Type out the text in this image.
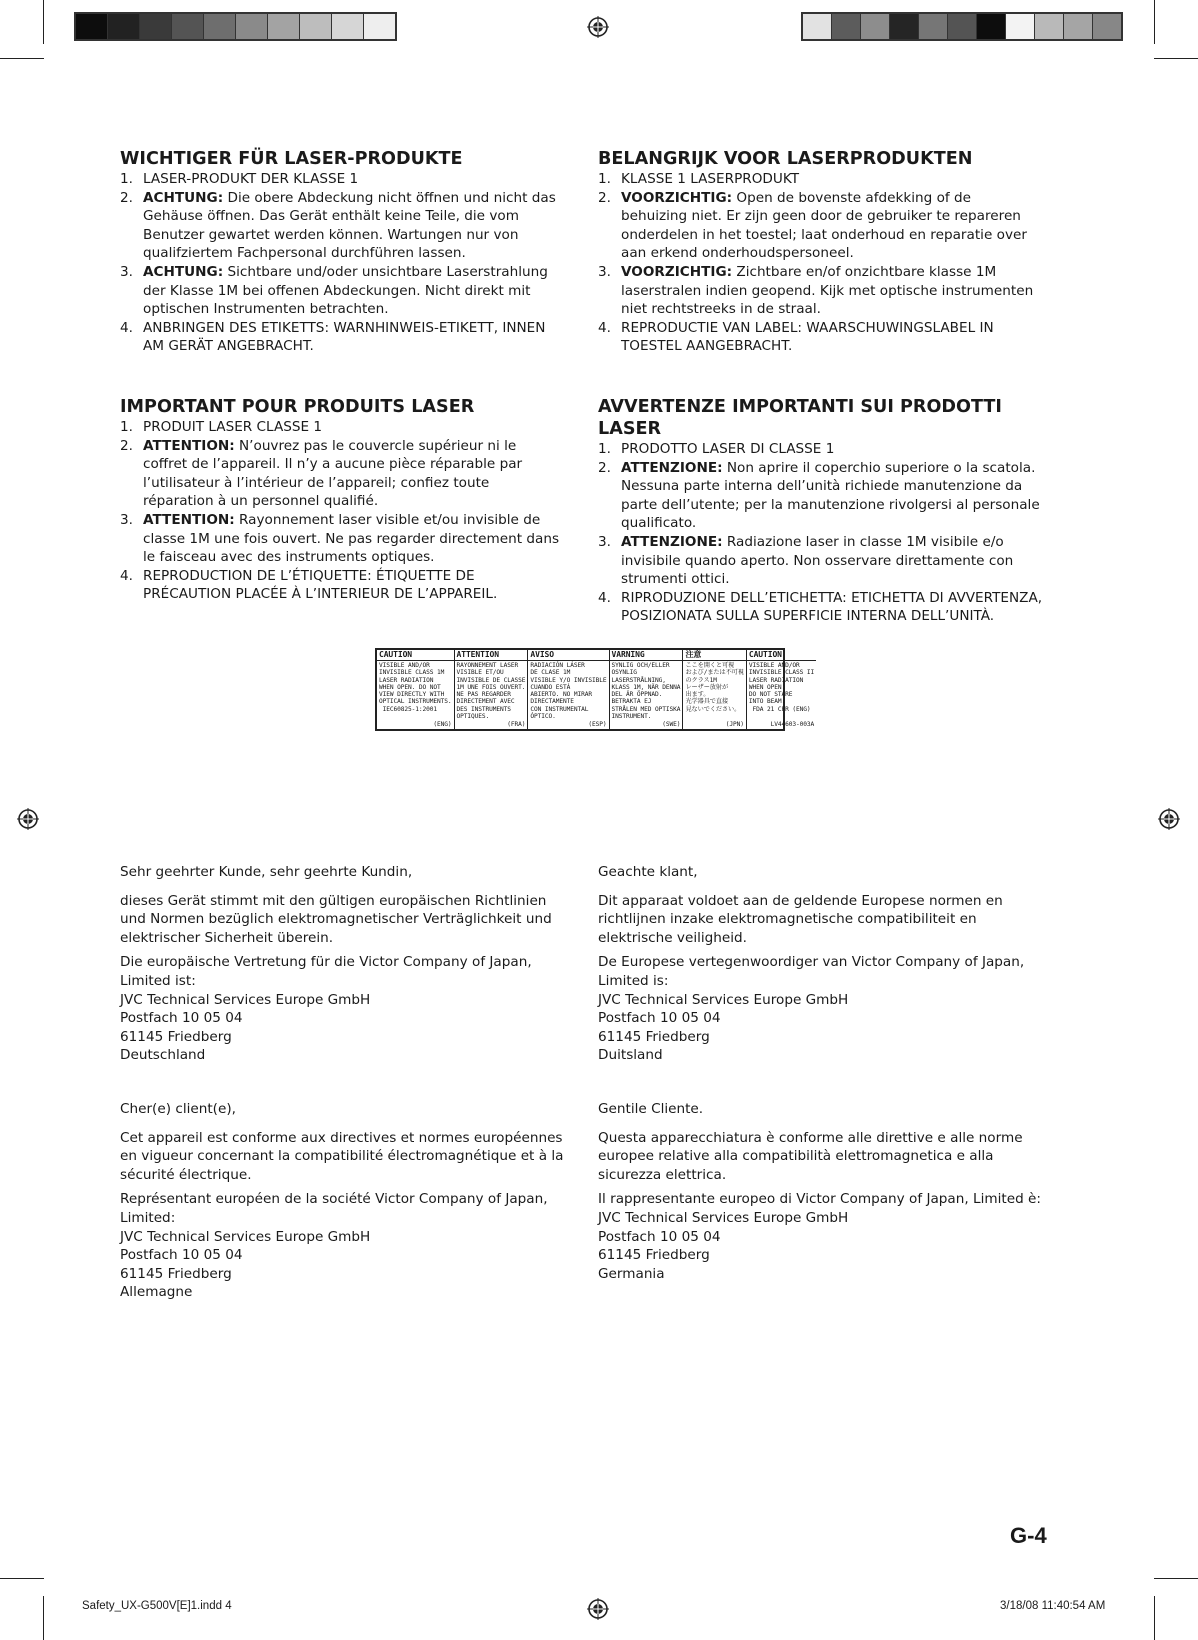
WICHTIGER FÜR LASER-PRODUKTE
1. LASER-PRODUKT DER KLASSE 1
2. ACHTUNG: Die obere Abdeckung nicht öffnen und nicht das Gehäuse öffnen. Das Gerät enthält keine Teile, die vom Benutzer gewartet werden können. Wartungen nur von qualifziertem Fachpersonal durchführen lassen.
3. ACHTUNG: Sichtbare und/oder unsichtbare Laserstrahlung der Klasse 1M bei offenen Abdeckungen. Nicht direkt mit optischen Instrumenten betrachten.
4. ANBRINGEN DES ETIKETTS: WARNHINWEIS-ETIKETT, INNEN AM GERÄT ANGEBRACHT.
BELANGRIJK VOOR LASERPRODUKTEN
1. KLASSE 1 LASERPRODUKT
2. VOORZICHTIG: Open de bovenste afdekking of de behuizing niet. Er zijn geen door de gebruiker te repareren onderdelen in het toestel; laat onderhoud en reparatie over aan erkend onderhoudspersoneel.
3. VOORZICHTIG: Zichtbare en/of onzichtbare klasse 1M laserstralen indien geopend. Kijk met optische instrumenten niet rechtstreeks in de straal.
4. REPRODUCTIE VAN LABEL: WAARSCHUWINGSLABEL IN TOESTEL AANGEBRACHT.
IMPORTANT POUR PRODUITS LASER
1. PRODUIT LASER CLASSE 1
2. ATTENTION: N’ouvrez pas le couvercle supérieur ni le coffret de l’appareil. Il n’y a aucune pièce réparable par l’utilisateur à l’intérieur de l’appareil; confiez toute réparation à un personnel qualifié.
3. ATTENTION: Rayonnement laser visible et/ou invisible de classe 1M une fois ouvert. Ne pas regarder directement dans le faisceau avec des instruments optiques.
4. REPRODUCTION DE L’ÉTIQUETTE: ÉTIQUETTE DE PRÉCAUTION PLACÉE À L’INTERIEUR DE L’APPAREIL.
AVVERTENZE IMPORTANTI SUI PRODOTTI LASER
1. PRODOTTO LASER DI CLASSE 1
2. ATTENZIONE: Non aprire il coperchio superiore o la scatola. Nessuna parte interna dell’unità richiede manutenzione da parte dell’utente; per la manutenzione rivolgersi al personale qualificato.
3. ATTENZIONE: Radiazione laser in classe 1M visibile e/o invisibile quando aperto. Non osservare direttamente con strumenti ottici.
4. RIPRODUZIONE DELL’ETICHETTA: ETICHETTA DI AVVERTENZA, POSIZIONATA SULLA SUPERFICIE INTERNA DELL’UNITÀ.
CAUTION
VISIBLE AND/OR
INVISIBLE CLASS 1M
LASER RADIATION
WHEN OPEN. DO NOT
VIEW DIRECTLY WITH
OPTICAL INSTRUMENTS.
IEC60825-1:2001
(ENG)
ATTENTION
RAYONNEMENT LASER
VISIBLE ET/OU
INVISIBLE DE CLASSE
1M UNE FOIS OUVERT.
NE PAS REGARDER
DIRECTEMENT AVEC
DES INSTRUMENTS
OPTIQUES.
(FRA)
AVISO
RADIACIÓN LÁSER
DE CLASE 1M
VISIBLE Y/O INVISIBLE
CUANDO ESTÁ
ABIERTO. NO MIRAR
DIRECTAMENTE
CON INSTRUMENTAL
ÓPTICO.
(ESP)
VARNING
SYNLIG OCH/ELLER
OSYNLIG
LASERSTRÅLNING,
KLASS 1M, NÄR DENNA
DEL ÄR ÖPPNAD.
BETRAKTA EJ
STRÅLEN MED OPTISKA
INSTRUMENT.
(SWE)
注意
ここを開くと可視
および/または不可視
のクラス1M
レーザー放射が
出ます。
光学器具で直接
見ないでください。
(JPN)
CAUTION
VISIBLE AND/OR
INVISIBLE CLASS II
LASER RADIATION
WHEN OPEN.
DO NOT STARE
INTO BEAM.
FDA 21 CFR (ENG)
LV44603-003A

Sehr geehrter Kunde, sehr geehrte Kundin,

dieses Gerät stimmt mit den gültigen europäischen Richtlinien und Normen bezüglich elektromagnetischer Verträglichkeit und elektrischer Sicherheit überein.

Die europäische Vertretung für die Victor Company of Japan, Limited ist:
JVC Technical Services Europe GmbH
Postfach 10 05 04
61145 Friedberg
Deutschland

Geachte klant,

Dit apparaat voldoet aan de geldende Europese normen en richtlijnen inzake elektromagnetische compatibiliteit en elektrische veiligheid.

De Europese vertegenwoordiger van Victor Company of Japan, Limited is:
JVC Technical Services Europe GmbH
Postfach 10 05 04
61145 Friedberg
Duitsland

Cher(e) client(e),

Cet appareil est conforme aux directives et normes européennes en vigueur concernant la compatibilité électromagnétique et à la sécurité électrique.

Représentant européen de la société Victor Company of Japan, Limited:
JVC Technical Services Europe GmbH
Postfach 10 05 04
61145 Friedberg
Allemagne

Gentile Cliente.

Questa apparecchiatura è conforme alle direttive e alle norme europee relative alla compatibilità elettromagnetica e alla sicurezza elettrica.

Il rappresentante europeo di Victor Company of Japan, Limited è:
JVC Technical Services Europe GmbH
Postfach 10 05 04
61145 Friedberg
Germania

G-4
Safety_UX-G500V[E]1.indd 4	3/18/08 11:40:54 AM
